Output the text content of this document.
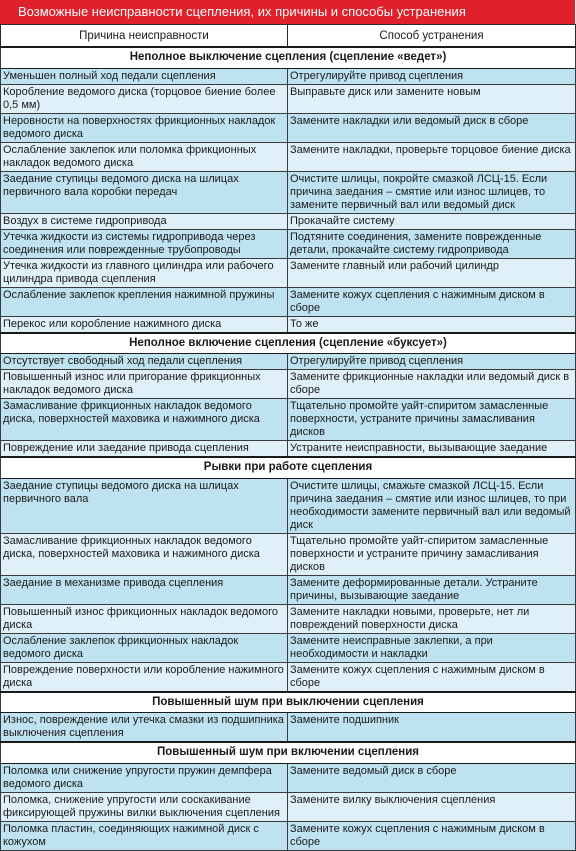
Возможные неисправности сцепления, их причины и способы устранения
Причина неисправности	Способ устранения
Неполное выключение сцепления (сцепление «ведет»)	
Уменьшен полный ход педали сцепления	Отрегулируйте привод сцепления
Коробление ведомого диска (торцовое биение более 0,5 мм)	Выправьте диск или замените новым
Неровности на поверхностях фрикционных накладок ведомого диска	Замените накладки или ведомый диск в сборе
Ослабление заклепок или поломка фрикционных накладок ведомого диска	Замените накладки, проверьте торцовое биение диска
Заедание ступицы ведомого диска на шлицах первичного вала коробки передач	Очистите шлицы, покройте смазкой ЛСЦ-15. Если причина заедания – смятие или износ шлицев, то замените первичный вал или ведомый диск
Воздух в системе гидропривода	Прокачайте систему
Утечка жидкости из системы гидропривода через соединения или поврежденные трубопроводы	Подтяните соединения, замените поврежденные детали, прокачайте систему гидропривода
Утечка жидкости из главного цилиндра или рабочего цилиндра привода сцепления	Замените главный или рабочий цилиндр
Ослабление заклепок крепления нажимной пружины	Замените кожух сцепления с нажимным диском в сборе
Перекос или коробление нажимного диска	То же
Неполное включение сцепления (сцепление «буксует»)	
Отсутствует свободный ход педали сцепления	Отрегулируйте привод сцепления
Повышенный износ или пригорание фрикционных накладок ведомого диска	Замените фрикционные накладки или ведомый диск в сборе
Замасливание фрикционных накладок ведомого диска, поверхностей маховика и нажимного диска	Тщательно промойте уайт-спиритом замасленные поверхности, устраните причины замасливания дисков
Повреждение или заедание привода сцепления	Устраните неисправности, вызывающие заедание
Рывки при работе сцепления	
Заедание ступицы ведомого диска на шлицах первичного вала	Очистите шлицы, смажьте смазкой ЛСЦ-15. Если причина заедания – смятие или износ шлицев, то при необходимости замените первичный вал или ведомый диск
Замасливание фрикционных накладок ведомого диска, поверхностей маховика и нажимного диска	Тщательно промойте уайт-спиритом замасленные поверхности и устраните причину замасливания дисков
Заедание в механизме привода сцепления	Замените деформированные детали. Устраните причины, вызывающие заедание
Повышенный износ фрикционных накладок ведомого диска	Замените накладки новыми, проверьте, нет ли повреждений поверхности диска
Ослабление заклепок фрикционных накладок ведомого диска	Замените неисправные заклепки, а при необходимости и накладки
Повреждение поверхности или коробление нажимного диска	Замените кожух сцепления с нажимным диском в сборе
Повышенный шум при выключении сцепления	
Износ, повреждение или утечка смазки из подшипника выключения сцепления	Замените подшипник
Повышенный шум при включении сцепления	
Поломка или снижение упругости пружин демпфера ведомого диска	Замените ведомый диск в сборе
Поломка, снижение упругости или соскакивание фиксирующей пружины вилки выключения сцепления	Замените вилку выключения сцепления
Поломка пластин, соединяющих нажимной диск с кожухом	Замените кожух сцепления с нажимным диском в сборе
